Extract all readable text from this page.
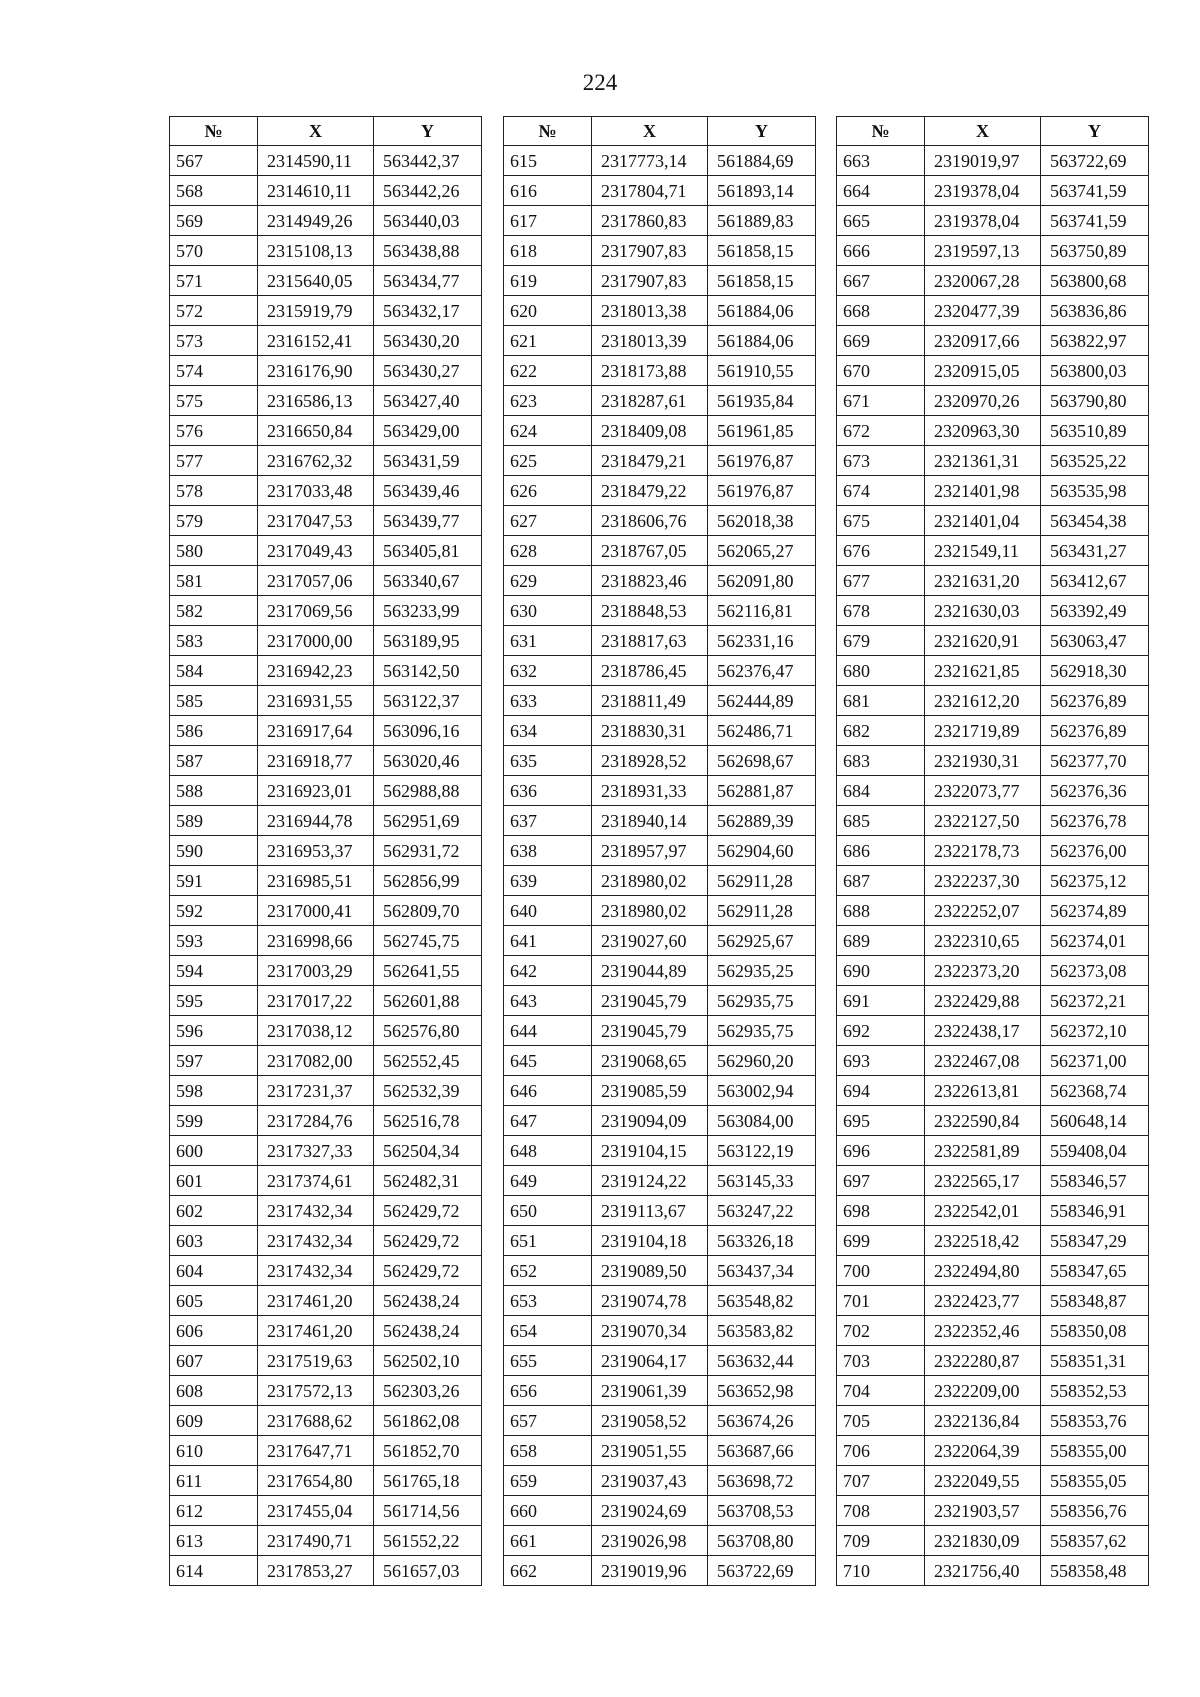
224
№	X	Y
567	2314590,11	563442,37
568	2314610,11	563442,26
569	2314949,26	563440,03
570	2315108,13	563438,88
571	2315640,05	563434,77
572	2315919,79	563432,17
573	2316152,41	563430,20
574	2316176,90	563430,27
575	2316586,13	563427,40
576	2316650,84	563429,00
577	2316762,32	563431,59
578	2317033,48	563439,46
579	2317047,53	563439,77
580	2317049,43	563405,81
581	2317057,06	563340,67
582	2317069,56	563233,99
583	2317000,00	563189,95
584	2316942,23	563142,50
585	2316931,55	563122,37
586	2316917,64	563096,16
587	2316918,77	563020,46
588	2316923,01	562988,88
589	2316944,78	562951,69
590	2316953,37	562931,72
591	2316985,51	562856,99
592	2317000,41	562809,70
593	2316998,66	562745,75
594	2317003,29	562641,55
595	2317017,22	562601,88
596	2317038,12	562576,80
597	2317082,00	562552,45
598	2317231,37	562532,39
599	2317284,76	562516,78
600	2317327,33	562504,34
601	2317374,61	562482,31
602	2317432,34	562429,72
603	2317432,34	562429,72
604	2317432,34	562429,72
605	2317461,20	562438,24
606	2317461,20	562438,24
607	2317519,63	562502,10
608	2317572,13	562303,26
609	2317688,62	561862,08
610	2317647,71	561852,70
611	2317654,80	561765,18
612	2317455,04	561714,56
613	2317490,71	561552,22
614	2317853,27	561657,03
№	X	Y
615	2317773,14	561884,69
616	2317804,71	561893,14
617	2317860,83	561889,83
618	2317907,83	561858,15
619	2317907,83	561858,15
620	2318013,38	561884,06
621	2318013,39	561884,06
622	2318173,88	561910,55
623	2318287,61	561935,84
624	2318409,08	561961,85
625	2318479,21	561976,87
626	2318479,22	561976,87
627	2318606,76	562018,38
628	2318767,05	562065,27
629	2318823,46	562091,80
630	2318848,53	562116,81
631	2318817,63	562331,16
632	2318786,45	562376,47
633	2318811,49	562444,89
634	2318830,31	562486,71
635	2318928,52	562698,67
636	2318931,33	562881,87
637	2318940,14	562889,39
638	2318957,97	562904,60
639	2318980,02	562911,28
640	2318980,02	562911,28
641	2319027,60	562925,67
642	2319044,89	562935,25
643	2319045,79	562935,75
644	2319045,79	562935,75
645	2319068,65	562960,20
646	2319085,59	563002,94
647	2319094,09	563084,00
648	2319104,15	563122,19
649	2319124,22	563145,33
650	2319113,67	563247,22
651	2319104,18	563326,18
652	2319089,50	563437,34
653	2319074,78	563548,82
654	2319070,34	563583,82
655	2319064,17	563632,44
656	2319061,39	563652,98
657	2319058,52	563674,26
658	2319051,55	563687,66
659	2319037,43	563698,72
660	2319024,69	563708,53
661	2319026,98	563708,80
662	2319019,96	563722,69
№	X	Y
663	2319019,97	563722,69
664	2319378,04	563741,59
665	2319378,04	563741,59
666	2319597,13	563750,89
667	2320067,28	563800,68
668	2320477,39	563836,86
669	2320917,66	563822,97
670	2320915,05	563800,03
671	2320970,26	563790,80
672	2320963,30	563510,89
673	2321361,31	563525,22
674	2321401,98	563535,98
675	2321401,04	563454,38
676	2321549,11	563431,27
677	2321631,20	563412,67
678	2321630,03	563392,49
679	2321620,91	563063,47
680	2321621,85	562918,30
681	2321612,20	562376,89
682	2321719,89	562376,89
683	2321930,31	562377,70
684	2322073,77	562376,36
685	2322127,50	562376,78
686	2322178,73	562376,00
687	2322237,30	562375,12
688	2322252,07	562374,89
689	2322310,65	562374,01
690	2322373,20	562373,08
691	2322429,88	562372,21
692	2322438,17	562372,10
693	2322467,08	562371,00
694	2322613,81	562368,74
695	2322590,84	560648,14
696	2322581,89	559408,04
697	2322565,17	558346,57
698	2322542,01	558346,91
699	2322518,42	558347,29
700	2322494,80	558347,65
701	2322423,77	558348,87
702	2322352,46	558350,08
703	2322280,87	558351,31
704	2322209,00	558352,53
705	2322136,84	558353,76
706	2322064,39	558355,00
707	2322049,55	558355,05
708	2321903,57	558356,76
709	2321830,09	558357,62
710	2321756,40	558358,48
